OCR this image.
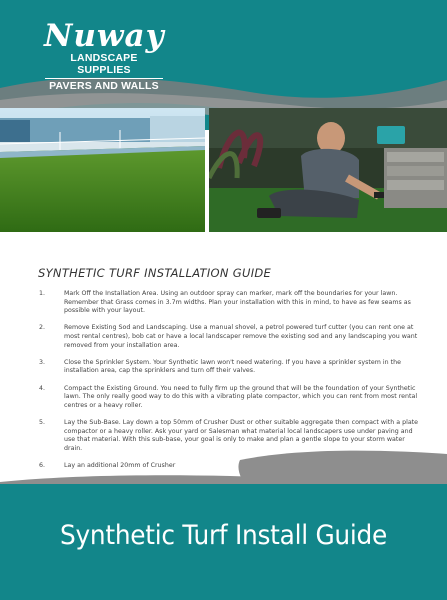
Nuway
LANDSCAPE SUPPLIES
PAVERS AND WALLS
SYNTHETIC TURF INSTALLATION GUIDE
1.	Mark Off the Installation Area. Using an outdoor spray can marker, mark off the boundaries for your lawn. Remember that Grass comes in 3.7m widths. Plan your installation with this in mind, to have as few seams as possible with your layout.
2.	Remove Existing Sod and Landscaping. Use a manual shovel, a petrol powered turf cutter (you can rent one at most rental centres), bob cat or have a local landscaper remove the existing sod and any landscaping you want removed from your installation area.
3.	Close the Sprinkler System. Your Synthetic lawn won't need watering. If you have a sprinkler system in the installation area, cap the sprinklers and turn off their valves.
4.	Compact the Existing Ground. You need to fully firm up the ground that will be the foundation of your Synthetic lawn. The only really good way to do this with a vibrating plate compactor, which you can rent from most rental centres or a heavy roller.
5.	Lay the Sub-Base. Lay down a top 50mm of Crusher Dust or other suitable aggregate then compact with a plate compactor or a heavy roller. Ask your yard or Salesman what material local landscapers use under paving and use that material. With this sub-base, your goal is only to make and plan a gentle slope to your storm water drain.
6.	Lay an additional 20mm of Crusher
Synthetic Turf Install Guide
